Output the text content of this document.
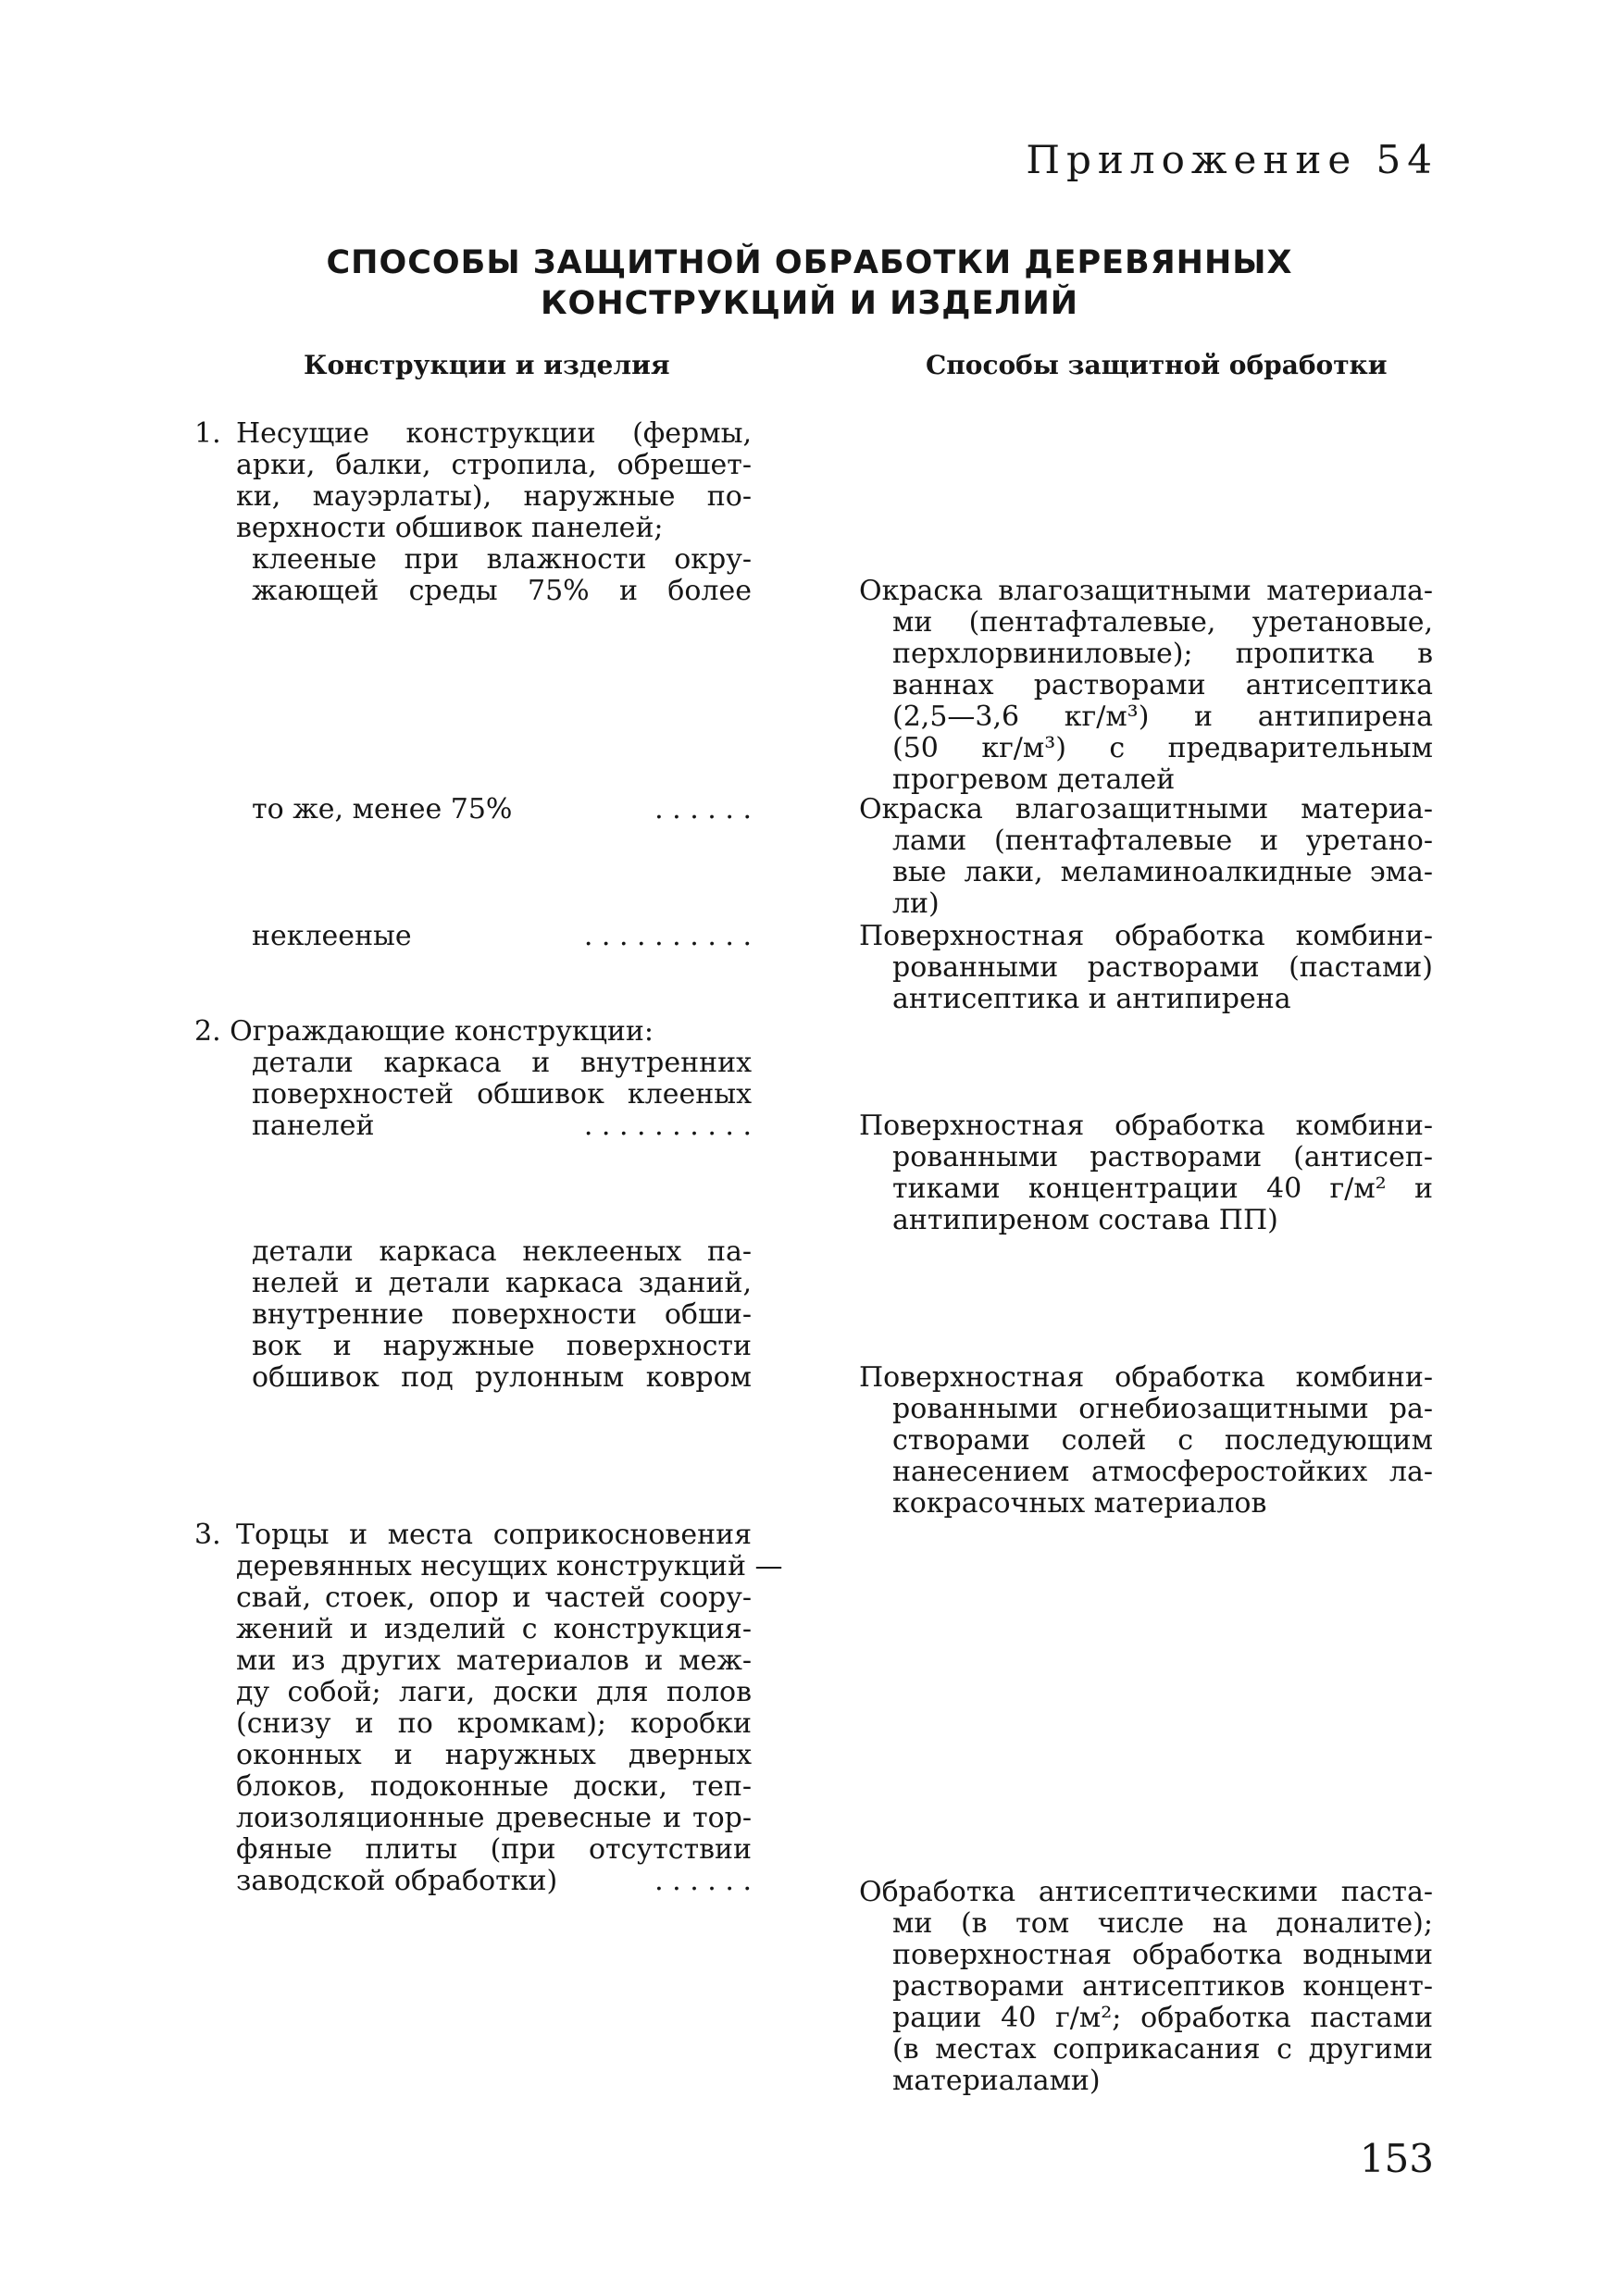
Приложение 54
СПОСОБЫ ЗАЩИТНОЙ ОБРАБОТКИ ДЕРЕВЯННЫХ
КОНСТРУКЦИЙ И ИЗДЕЛИЙ
Конструкции и изделия	Способы защитной обработки
1. Несущие конструкции (фермы,
арки, балки, стропила, обрешет-
ки, мауэрлаты), наружные по-
верхности обшивок панелей;
клееные при влажности окру-
жающей среды 75% и более	Окраска влагозащитными материала-
ми (пентафталевые, уретановые,
перхлорвиниловые); пропитка в
ваннах растворами антисептика
(2,5—3,6 кг/м³) и антипирена
(50 кг/м³) с предварительным
прогревом деталей
то же, менее 75%	. . . . . .	Окраска влагозащитными материа-
лами (пентафталевые и уретано-
вые лаки, меламиноалкидные эма-
ли)
неклееные	. . . . . . . . . .	Поверхностная обработка комбини-
рованными растворами (пастами)
антисептика и антипирена
2. Ограждающие конструкции:
детали каркаса и внутренних
поверхностей обшивок клееных
панелей	. . . . . . . . . .	Поверхностная обработка комбини-
рованными растворами (антисеп-
тиками концентрации 40 г/м² и
антипиреном состава ПП)
детали каркаса неклееных па-
нелей и детали каркаса зданий,
внутренние поверхности обши-
вок и наружные поверхности
обшивок под рулонным ковром	Поверхностная обработка комбини-
рованными огнебиозащитными ра-
створами солей с последующим
нанесением атмосферостойких ла-
кокрасочных материалов
3. Торцы и места соприкосновения
деревянных несущих конструкций —
свай, стоек, опор и частей соору-
жений и изделий с конструкция-
ми из других материалов и меж-
ду собой; лаги, доски для полов
(снизу и по кромкам); коробки
оконных и наружных дверных
блоков, подоконные доски, теп-
лоизоляционные древесные и тор-
фяные плиты (при отсутствии
заводской обработки)	. . . . . .	Обработка антисептическими паста-
ми (в том числе на доналите);
поверхностная обработка водными
растворами антисептиков концент-
рации 40 г/м²; обработка пастами
(в местах соприкасания с другими
материалами)
153
